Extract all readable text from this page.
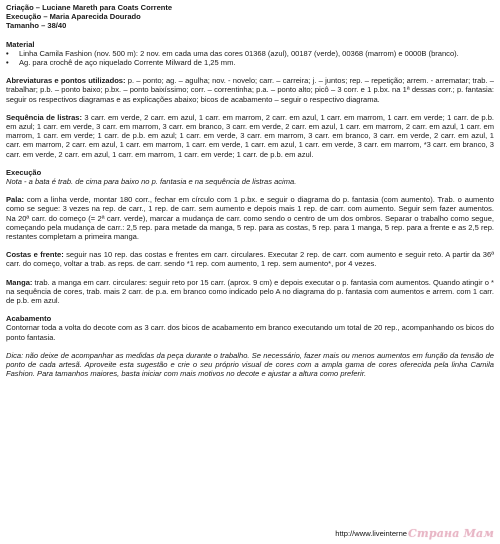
Criação – Luciane Mareth para Coats Corrente

Execução – Maria Aparecida Dourado

Tamanho – 38/40

Material

•	Linha Camila Fashion (nov. 500 m): 2 nov. em cada uma das cores 01368 (azul), 00187 (verde), 00368 (marrom) e 0000B (branco).
•	Ag. para crochê de aço niquelado Corrente Milward de 1,25 mm.

Abreviaturas e pontos utilizados: p. – ponto; ag. – agulha; nov. - novelo; carr. – carreira; j. – juntos; rep. – repetição; arrem. - arrematar; trab. – trabalhar; p.b. – ponto baixo; p.bx. – ponto baixíssimo; corr. – correntinha; p.a. – ponto alto; picô – 3 corr. e 1 p.bx. na 1ª dessas corr.; p. fantasia: seguir os respectivos diagramas e as explicações abaixo; bicos de acabamento – seguir o respectivo diagrama.

Sequência de listras: 3 carr. em verde, 2 carr. em azul, 1 carr. em marrom, 2 carr. em azul, 1 carr. em marrom, 1 carr. em verde; 1 carr. de p.b. em azul; 1 carr. em verde, 3 carr. em marrom, 3 carr. em branco, 3 carr. em verde, 2 carr. em azul, 1 carr. em marrom, 2 carr. em azul, 1 carr. em marrom, 1 carr. em verde; 1 carr. de p.b. em azul; 1 carr. em verde, 3 carr. em marrom, 3 carr. em branco, 3 carr. em verde, 2 carr. em azul, 1 carr. em marrom, 2 carr. em azul, 1 carr. em marrom, 1 carr. em verde, 1 carr. em azul, 1 carr. em verde, 3 carr. em marrom, *3 carr. em branco, 3 carr. em verde, 2 carr. em azul, 1 carr. em marrom, 1 carr. em verde; 1 carr. de p.b. em azul.

Execução

Nota - a bata é trab. de cima para baixo no p. fantasia e na sequência de listras acima.

Pala: com a linha verde, montar 180 corr., fechar em círculo com 1 p.bx. e seguir o diagrama do p. fantasia (com aumento). Trab. o aumento como se segue: 3 vezes na rep. de carr., 1 rep. de carr. sem aumento e depois mais 1 rep. de carr. com aumento. Seguir sem fazer aumentos. Na 20ª carr. do começo (= 2ª carr. verde), marcar a mudança de carr. como sendo o centro de um dos ombros. Separar o trabalho como segue, começando pela mudança de carr.: 2,5 rep. para metade da manga, 5 rep. para as costas, 5 rep. para 1 manga, 5 rep. para a frente e as 2,5 rep. restantes completam a primeira manga.

Costas e frente: seguir nas 10 rep. das costas e frentes em carr. circulares. Executar 2 rep. de carr. com aumento e seguir reto. A partir da 36ª carr. do começo, voltar a trab. as reps. de carr. sendo *1 rep. com aumento, 1 rep. sem aumento*, por 4 vezes.

Manga: trab. a manga em carr. circulares: seguir reto por 15 carr. (aprox. 9 cm) e depois executar o p. fantasia com aumentos. Quando atingir o * na sequência de cores, trab. mais 2 carr. de p.a. em branco como indicado pelo A no diagrama do p. fantasia com aumentos e arrem. com 1 carr. de p.b. em azul.

Acabamento

Contornar toda a volta do decote com as 3 carr. dos bicos de acabamento em branco executando um total de 20 rep., acompanhando os bicos do ponto fantasia.

Dica: não deixe de acompanhar as medidas da peça durante o trabalho. Se necessário, fazer mais ou menos aumentos em função da tensão de ponto de cada artesã. Aproveite esta sugestão e crie o seu próprio visual de cores com a ampla gama de cores oferecida pela linha Camila Fashion. Para tamanhos maiores, basta iniciar com mais motivos no decote e ajustar a altura como preferir.

http://www.liveinterne Страна Мам
